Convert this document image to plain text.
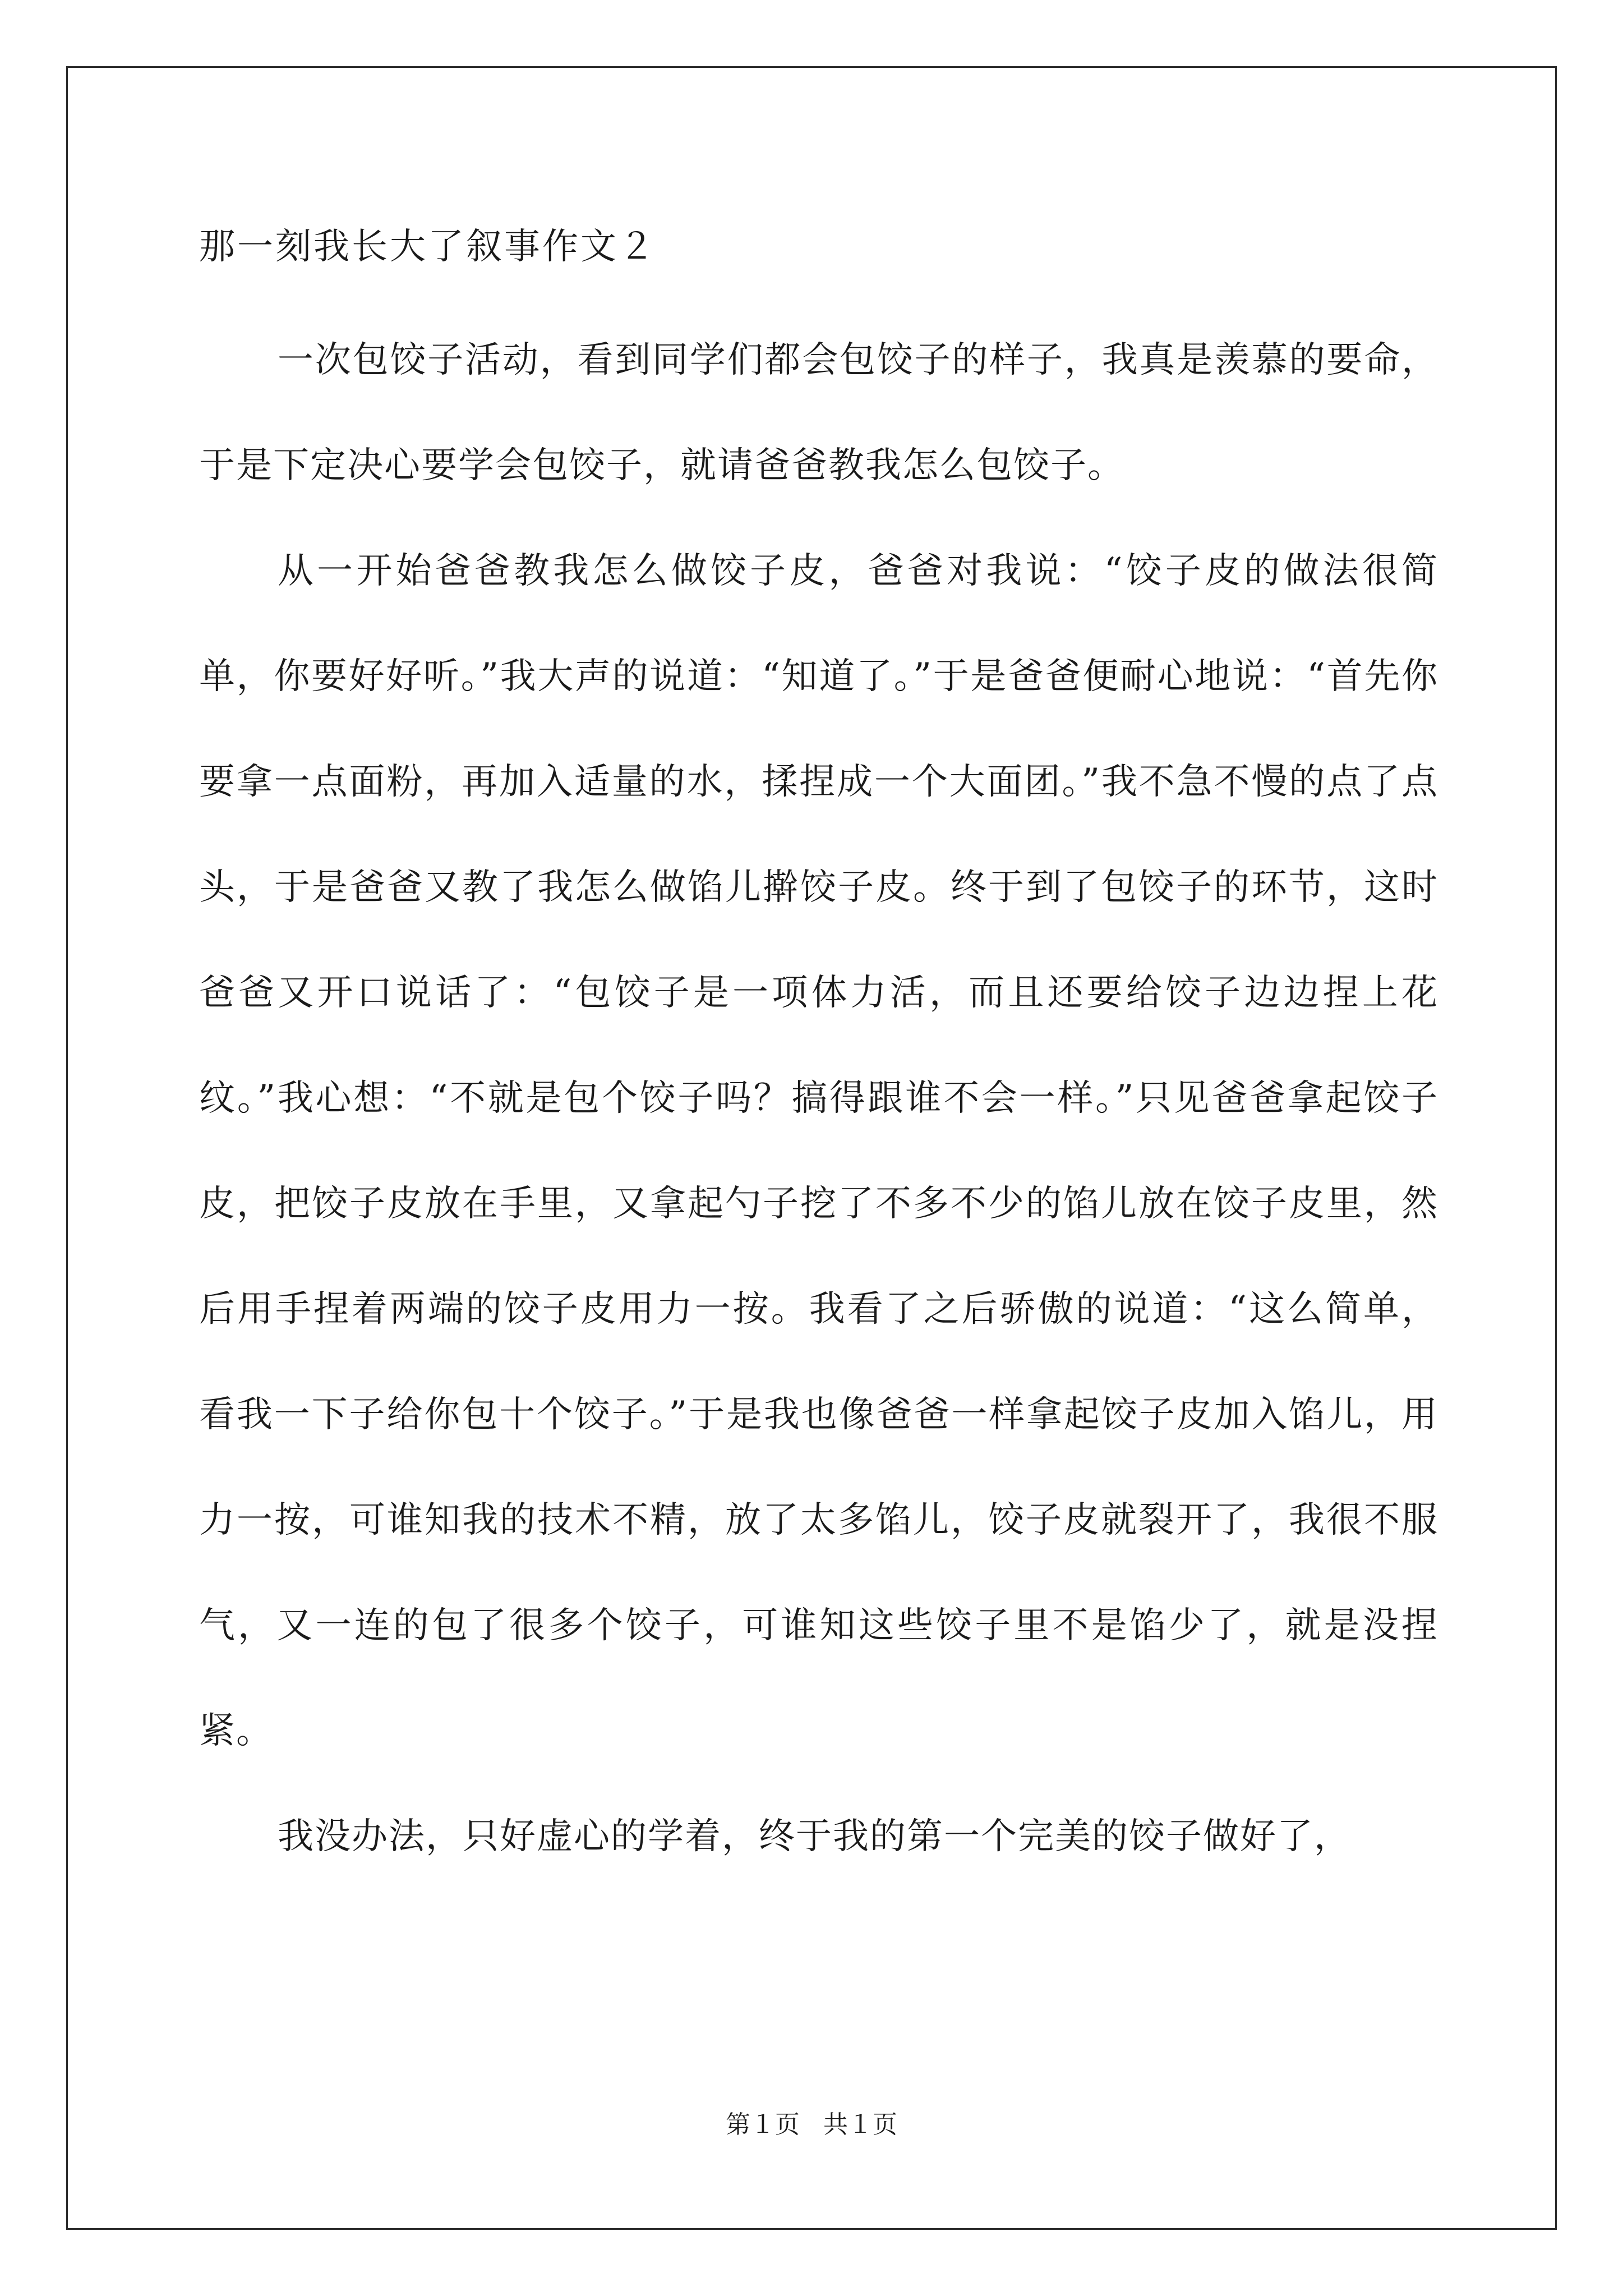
那一刻我长大了叙事作文２

一次包饺子活动，看到同学们都会包饺子的样子，我真是羡慕的要命，于是下定决心要学会包饺子，就请爸爸教我怎么包饺子。

从一开始爸爸教我怎么做饺子皮，爸爸对我说：“饺子皮的做法很简单，你要好好听。”我大声的说道：“知道了。”于是爸爸便耐心地说：“首先你要拿一点面粉，再加入适量的水，揉捏成一个大面团。”我不急不慢的点了点头，于是爸爸又教了我怎么做馅儿擀饺子皮。终于到了包饺子的环节，这时爸爸又开口说话了：“包饺子是一项体力活，而且还要给饺子边边捏上花纹。”我心想：“不就是包个饺子吗？搞得跟谁不会一样。”只见爸爸拿起饺子皮，把饺子皮放在手里，又拿起勺子挖了不多不少的馅儿放在饺子皮里，然后用手捏着两端的饺子皮用力一按。我看了之后骄傲的说道：“这么简单，看我一下子给你包十个饺子。”于是我也像爸爸一样拿起饺子皮加入馅儿，用力一按，可谁知我的技术不精，放了太多馅儿，饺子皮就裂开了，我很不服气，又一连的包了很多个饺子，可谁知这些饺子里不是馅少了，就是没捏紧。

我没办法，只好虚心的学着，终于我的第一个完美的饺子做好了，

第１页   共１页
